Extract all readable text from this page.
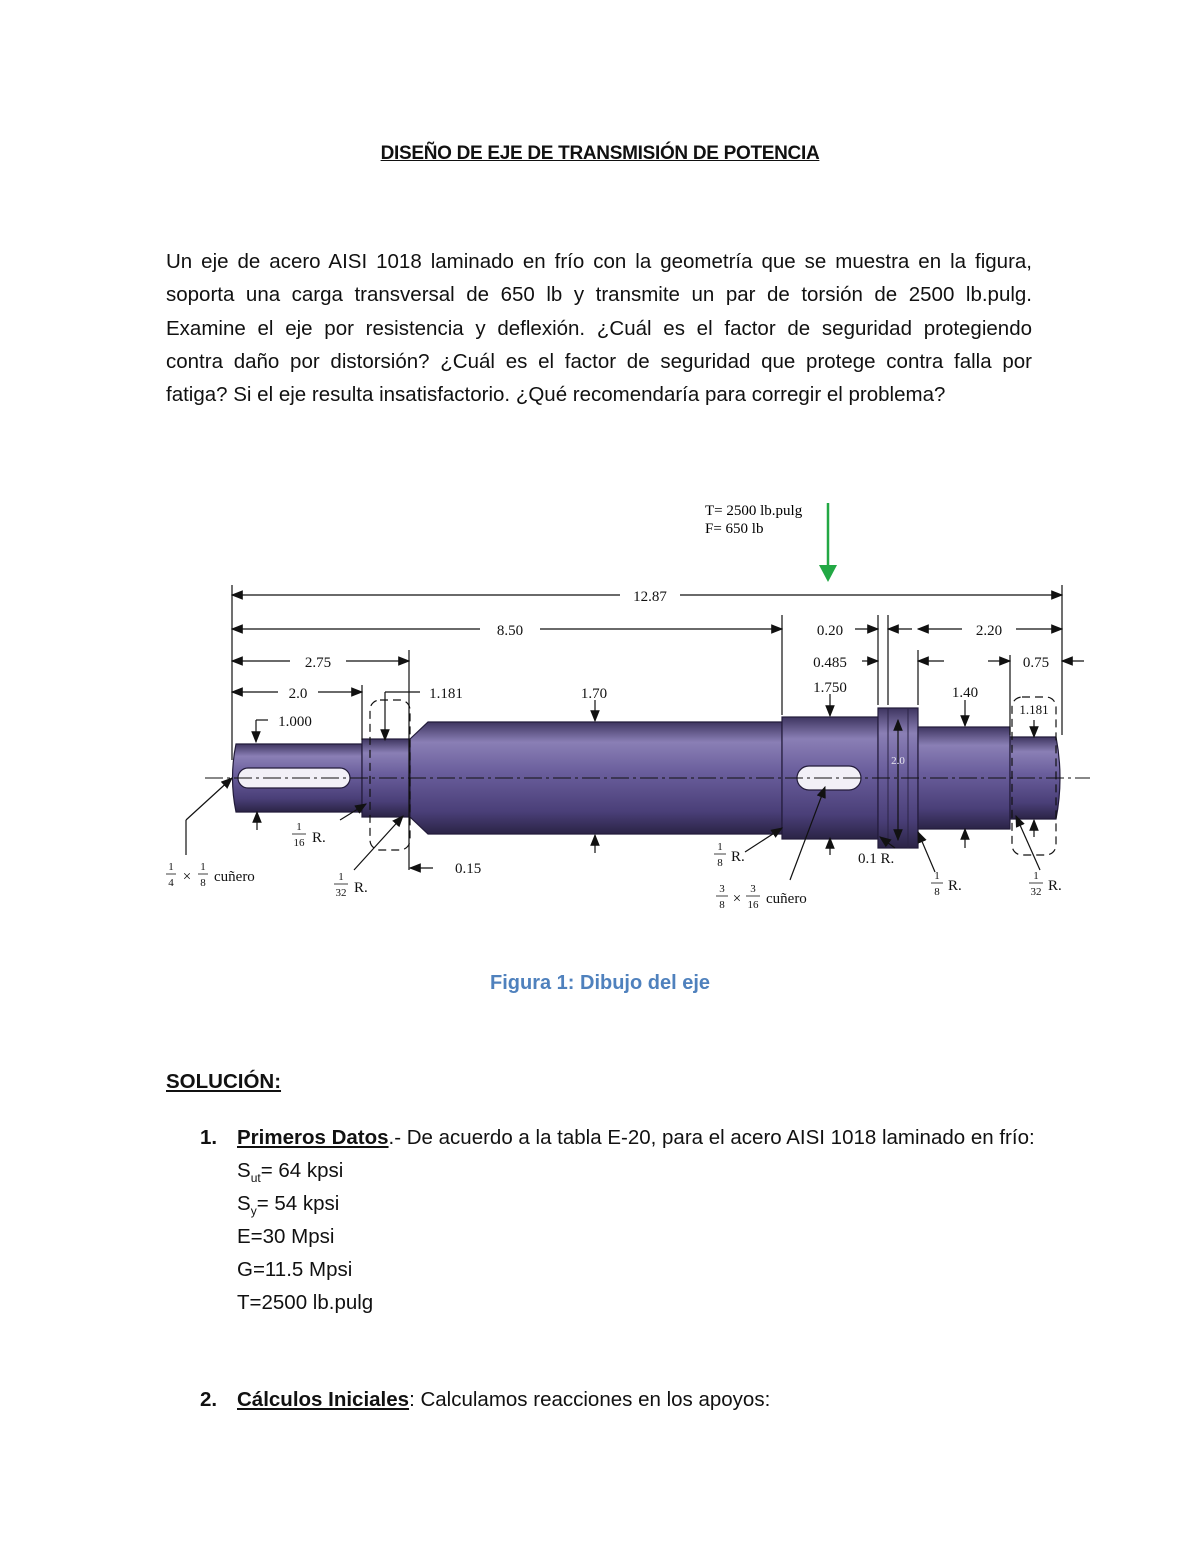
DISEÑO DE EJE DE TRANSMISIÓN DE POTENCIA
Un eje de acero AISI 1018 laminado en frío con la geometría que se muestra en la figura,
soporta una carga transversal de 650 lb y transmite un par de torsión de 2500 lb.pulg.
Examine el eje por resistencia y deflexión. ¿Cuál es el factor de seguridad protegiendo
contra daño por distorsión? ¿Cuál es el factor de seguridad que protege contra falla por
fatiga? Si el eje resulta insatisfactorio. ¿Qué recomendaría para corregir el problema?
T= 2500 lb.pulg
F= 650 lb
12.87
8.50	0.20	2.20
2.75	0.485	0.75
2.0	1.181	1.70	1.750	1.40
1.181
1.000
2.0
0.15
0.1 R.
1
16 R.
1
32 R.
1
4 ×
1
8 cuñero
1
8 R.
3
8 ×
3
16 cuñero
1
8 R.
1
32 R.
Figura 1: Dibujo del eje
SOLUCIÓN:
1. Primeros Datos.- De acuerdo a la tabla E-20, para el acero AISI 1018 laminado en frío:
$S_{ut}= 64$ kpsi
$S_y= 54$ kpsi
E=30 Mpsi
G=11.5 Mpsi
T=2500 lb.pulg
2. Cálculos Iniciales: Calculamos reacciones en los apoyos:
